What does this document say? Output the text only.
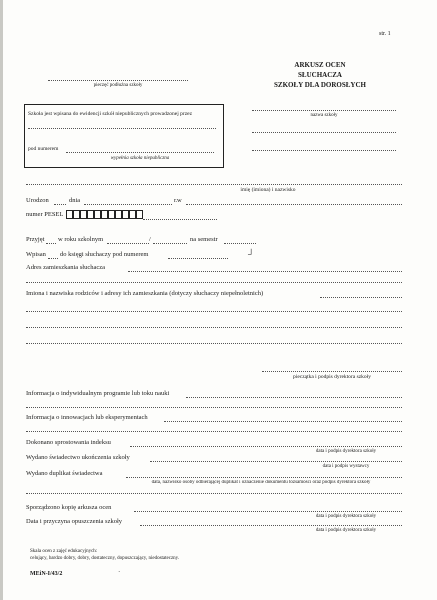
str. 1
pieczęć podłużna szkoły
ARKUSZ OCEN
SŁUCHACZA
SZKOŁY DLA DOROSŁYCH
nazwa szkoły
Szkoła jest wpisana do ewidencji szkół niepublicznych prowadzonej przez
pod numerem
wypełnia szkoła niepubliczna
imię (imiona) i nazwisko
Urodzon	dnia	r. w
numer PESEL
Przyjęt w roku szkolnym	/	na semestr
Wpisan do księgi słuchaczy pod numerem	┘
Adres zamieszkania słuchacza
Imiona i nazwiska rodziców i adresy ich zamieszkania (dotyczy słuchaczy niepełnoletnich)
pieczątka i podpis dyrektora szkoły
Informacja o indywidualnym programie lub toku nauki
Informacja o innowacjach lub eksperymentach
Dokonano sprostowania indeksu
data i podpis dyrektora szkoły
Wydano świadectwo ukończenia szkoły
data i podpis wystawcy
Wydano duplikat świadectwa
data, nazwisko osoby odbierającej duplikat i oznaczenie dokumentu tożsamości oraz podpis dyrektora szkoły
Sporządzono kopię arkusza ocen
data i podpis dyrektora szkoły
Data i przyczyna opuszczenia szkoły
data i podpis dyrektora szkoły
Skala ocen z zajęć edukacyjnych:
celujący, bardzo dobry, dobry, dostateczny, dopuszczający, niedostateczny.
MEiN-I/43/2	·
